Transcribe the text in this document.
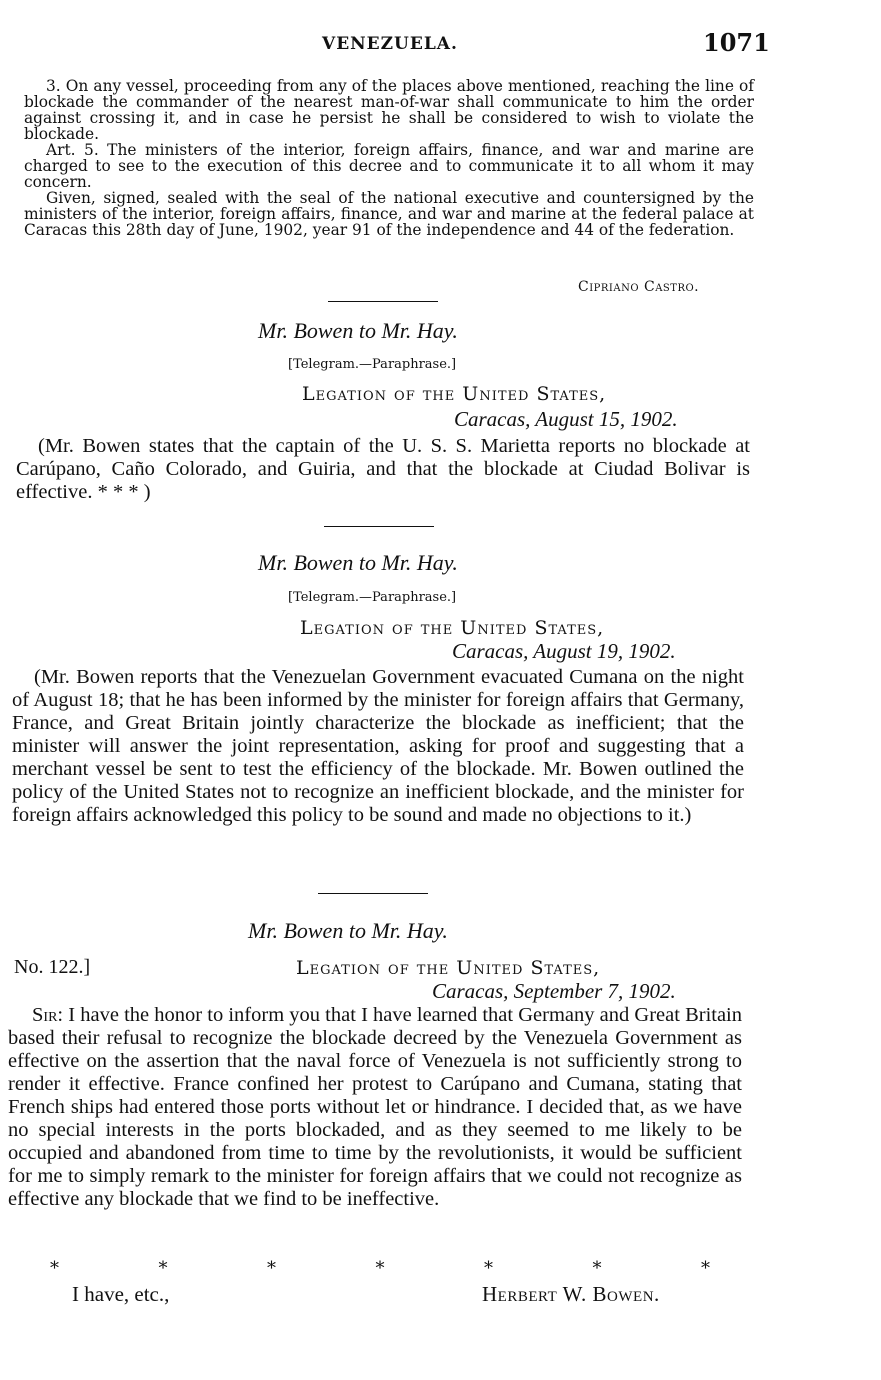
VENEZUELA.	1071

3. On any vessel, proceeding from any of the places above mentioned, reaching the line of blockade the commander of the nearest man-of-war shall communicate to him the order against crossing it, and in case he persist he shall be considered to wish to violate the blockade.

Art. 5. The ministers of the interior, foreign affairs, finance, and war and marine are charged to see to the execution of this decree and to communicate it to all whom it may concern.

Given, signed, sealed with the seal of the national executive and countersigned by the ministers of the interior, foreign affairs, finance, and war and marine at the federal palace at Caracas this 28th day of June, 1902, year 91 of the independence and 44 of the federation.

Cipriano Castro.
Mr. Bowen to Mr. Hay.
[Telegram.—Paraphrase.]
Legation of the United States,
Caracas, August 15, 1902.

(Mr. Bowen states that the captain of the U. S. S. Marietta reports no blockade at Carúpano, Caño Colorado, and Guiria, and that the blockade at Ciudad Bolivar is effective. * * * )

Mr. Bowen to Mr. Hay.
[Telegram.—Paraphrase.]
Legation of the United States,
Caracas, August 19, 1902.

(Mr. Bowen reports that the Venezuelan Government evacuated Cumana on the night of August 18; that he has been informed by the minister for foreign affairs that Germany, France, and Great Britain jointly characterize the blockade as inefficient; that the minister will answer the joint representation, asking for proof and suggesting that a merchant vessel be sent to test the efficiency of the blockade. Mr. Bowen outlined the policy of the United States not to recognize an inefficient blockade, and the minister for foreign affairs acknowledged this policy to be sound and made no objections to it.)

Mr. Bowen to Mr. Hay.
No. 122.]	Legation of the United States,
Caracas, September 7, 1902.

Sir: I have the honor to inform you that I have learned that Germany and Great Britain based their refusal to recognize the blockade decreed by the Venezuela Government as effective on the assertion that the naval force of Venezuela is not sufficiently strong to render it effective. France confined her protest to Carúpano and Cumana, stating that French ships had entered those ports without let or hindrance. I decided that, as we have no special interests in the ports blockaded, and as they seemed to me likely to be occupied and abandoned from time to time by the revolutionists, it would be sufficient for me to simply remark to the minister for foreign affairs that we could not recognize as effective any blockade that we find to be ineffective.

*	*	*	*	*	*	*
I have, etc.,	Herbert W. Bowen.
